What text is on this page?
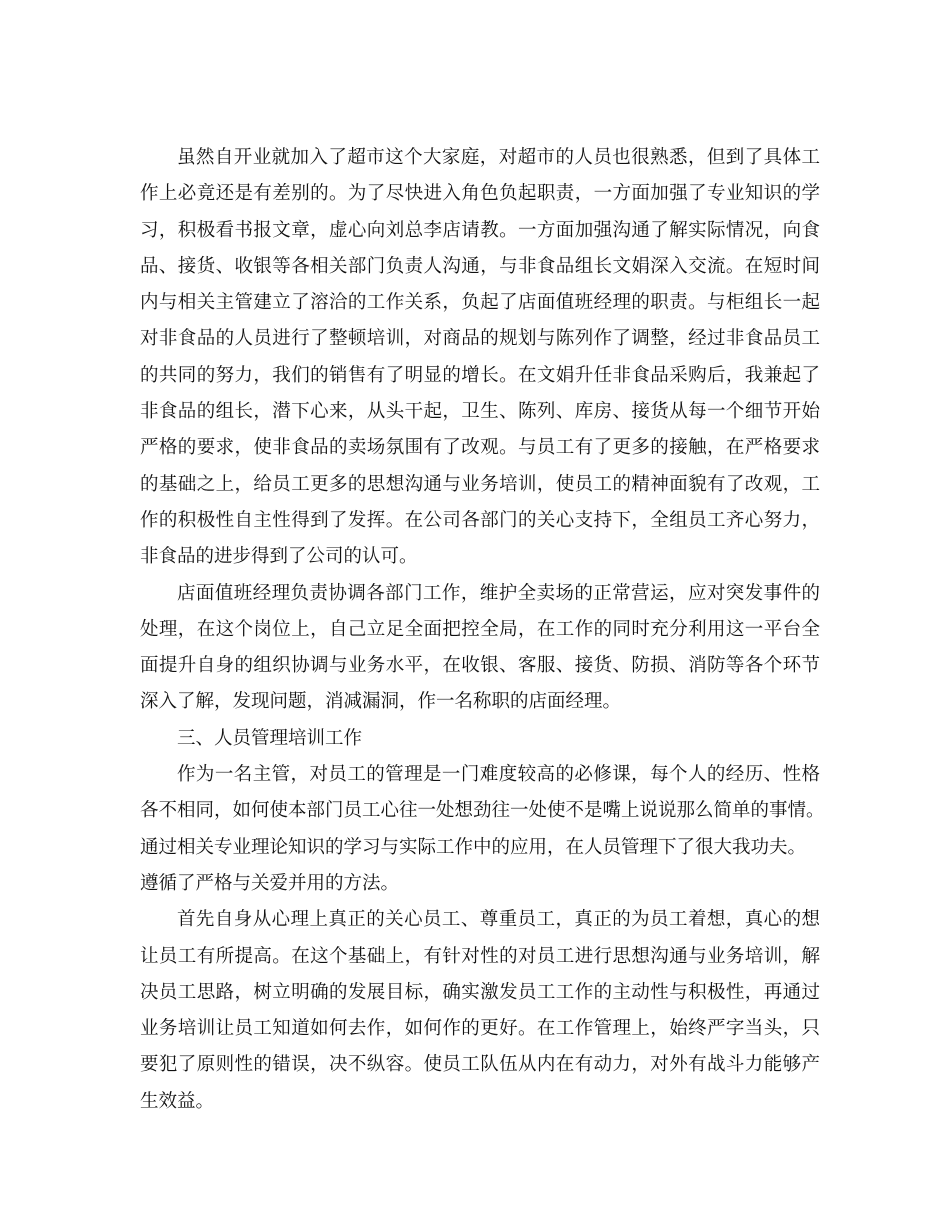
虽然自开业就加入了超市这个大家庭，对超市的人员也很熟悉，但到了具体工
作上必竟还是有差别的。为了尽快进入角色负起职责，一方面加强了专业知识的学
习，积极看书报文章，虚心向刘总李店请教。一方面加强沟通了解实际情况，向食
品、接货、收银等各相关部门负责人沟通，与非食品组长文娟深入交流。在短时间
内与相关主管建立了溶洽的工作关系，负起了店面值班经理的职责。与柜组长一起
对非食品的人员进行了整顿培训，对商品的规划与陈列作了调整，经过非食品员工
的共同的努力，我们的销售有了明显的增长。在文娟升任非食品采购后，我兼起了
非食品的组长，潜下心来，从头干起，卫生、陈列、库房、接货从每一个细节开始
严格的要求，使非食品的卖场氛围有了改观。与员工有了更多的接触，在严格要求
的基础之上，给员工更多的思想沟通与业务培训，使员工的精神面貌有了改观，工
作的积极性自主性得到了发挥。在公司各部门的关心支持下，全组员工齐心努力，
非食品的进步得到了公司的认可。
店面值班经理负责协调各部门工作，维护全卖场的正常营运，应对突发事件的
处理，在这个岗位上，自己立足全面把控全局，在工作的同时充分利用这一平台全
面提升自身的组织协调与业务水平，在收银、客服、接货、防损、消防等各个环节
深入了解，发现问题，消减漏洞，作一名称职的店面经理。
三、人员管理培训工作
作为一名主管，对员工的管理是一门难度较高的必修课，每个人的经历、性格
各不相同，如何使本部门员工心往一处想劲往一处使不是嘴上说说那么简单的事情。
通过相关专业理论知识的学习与实际工作中的应用，在人员管理下了很大我功夫。
遵循了严格与关爱并用的方法。
首先自身从心理上真正的关心员工、尊重员工，真正的为员工着想，真心的想
让员工有所提高。在这个基础上，有针对性的对员工进行思想沟通与业务培训，解
决员工思路，树立明确的发展目标，确实激发员工工作的主动性与积极性，再通过
业务培训让员工知道如何去作，如何作的更好。在工作管理上，始终严字当头，只
要犯了原则性的错误，决不纵容。使员工队伍从内在有动力，对外有战斗力能够产
生效益。
